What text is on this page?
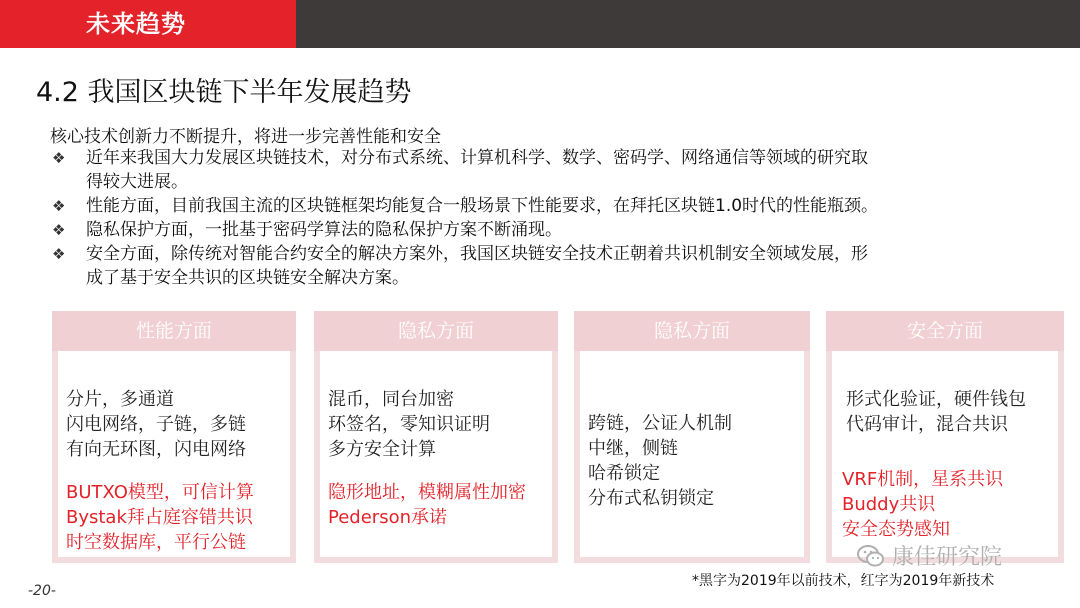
未来趋势
4.2 我国区块链下半年发展趋势
核心技术创新力不断提升，将进一步完善性能和安全
❖ 近年来我国大力发展区块链技术，对分布式系统、计算机科学、数学、密码学、网络通信等领域的研究取
得较大进展。
❖ 性能方面，目前我国主流的区块链框架均能复合一般场景下性能要求，在拜托区块链1.0时代的性能瓶颈。
❖ 隐私保护方面，一批基于密码学算法的隐私保护方案不断涌现。
❖ 安全方面，除传统对智能合约安全的解决方案外，我国区块链安全技术正朝着共识机制安全领域发展，形
成了基于安全共识的区块链安全解决方案。
性能方面
分片，多通道
闪电网络，子链，多链
有向无环图，闪电网络
BUTXO模型，可信计算
Bystak拜占庭容错共识
时空数据库，平行公链
隐私方面
混币，同台加密
环签名，零知识证明
多方安全计算
隐形地址，模糊属性加密
Pederson承诺
隐私方面
跨链，公证人机制
中继，侧链
哈希锁定
分布式私钥锁定
安全方面
形式化验证，硬件钱包
代码审计，混合共识
VRF机制，星系共识
Buddy共识
安全态势感知
康佳研究院
*黑字为2019年以前技术，红字为2019年新技术
-20-
